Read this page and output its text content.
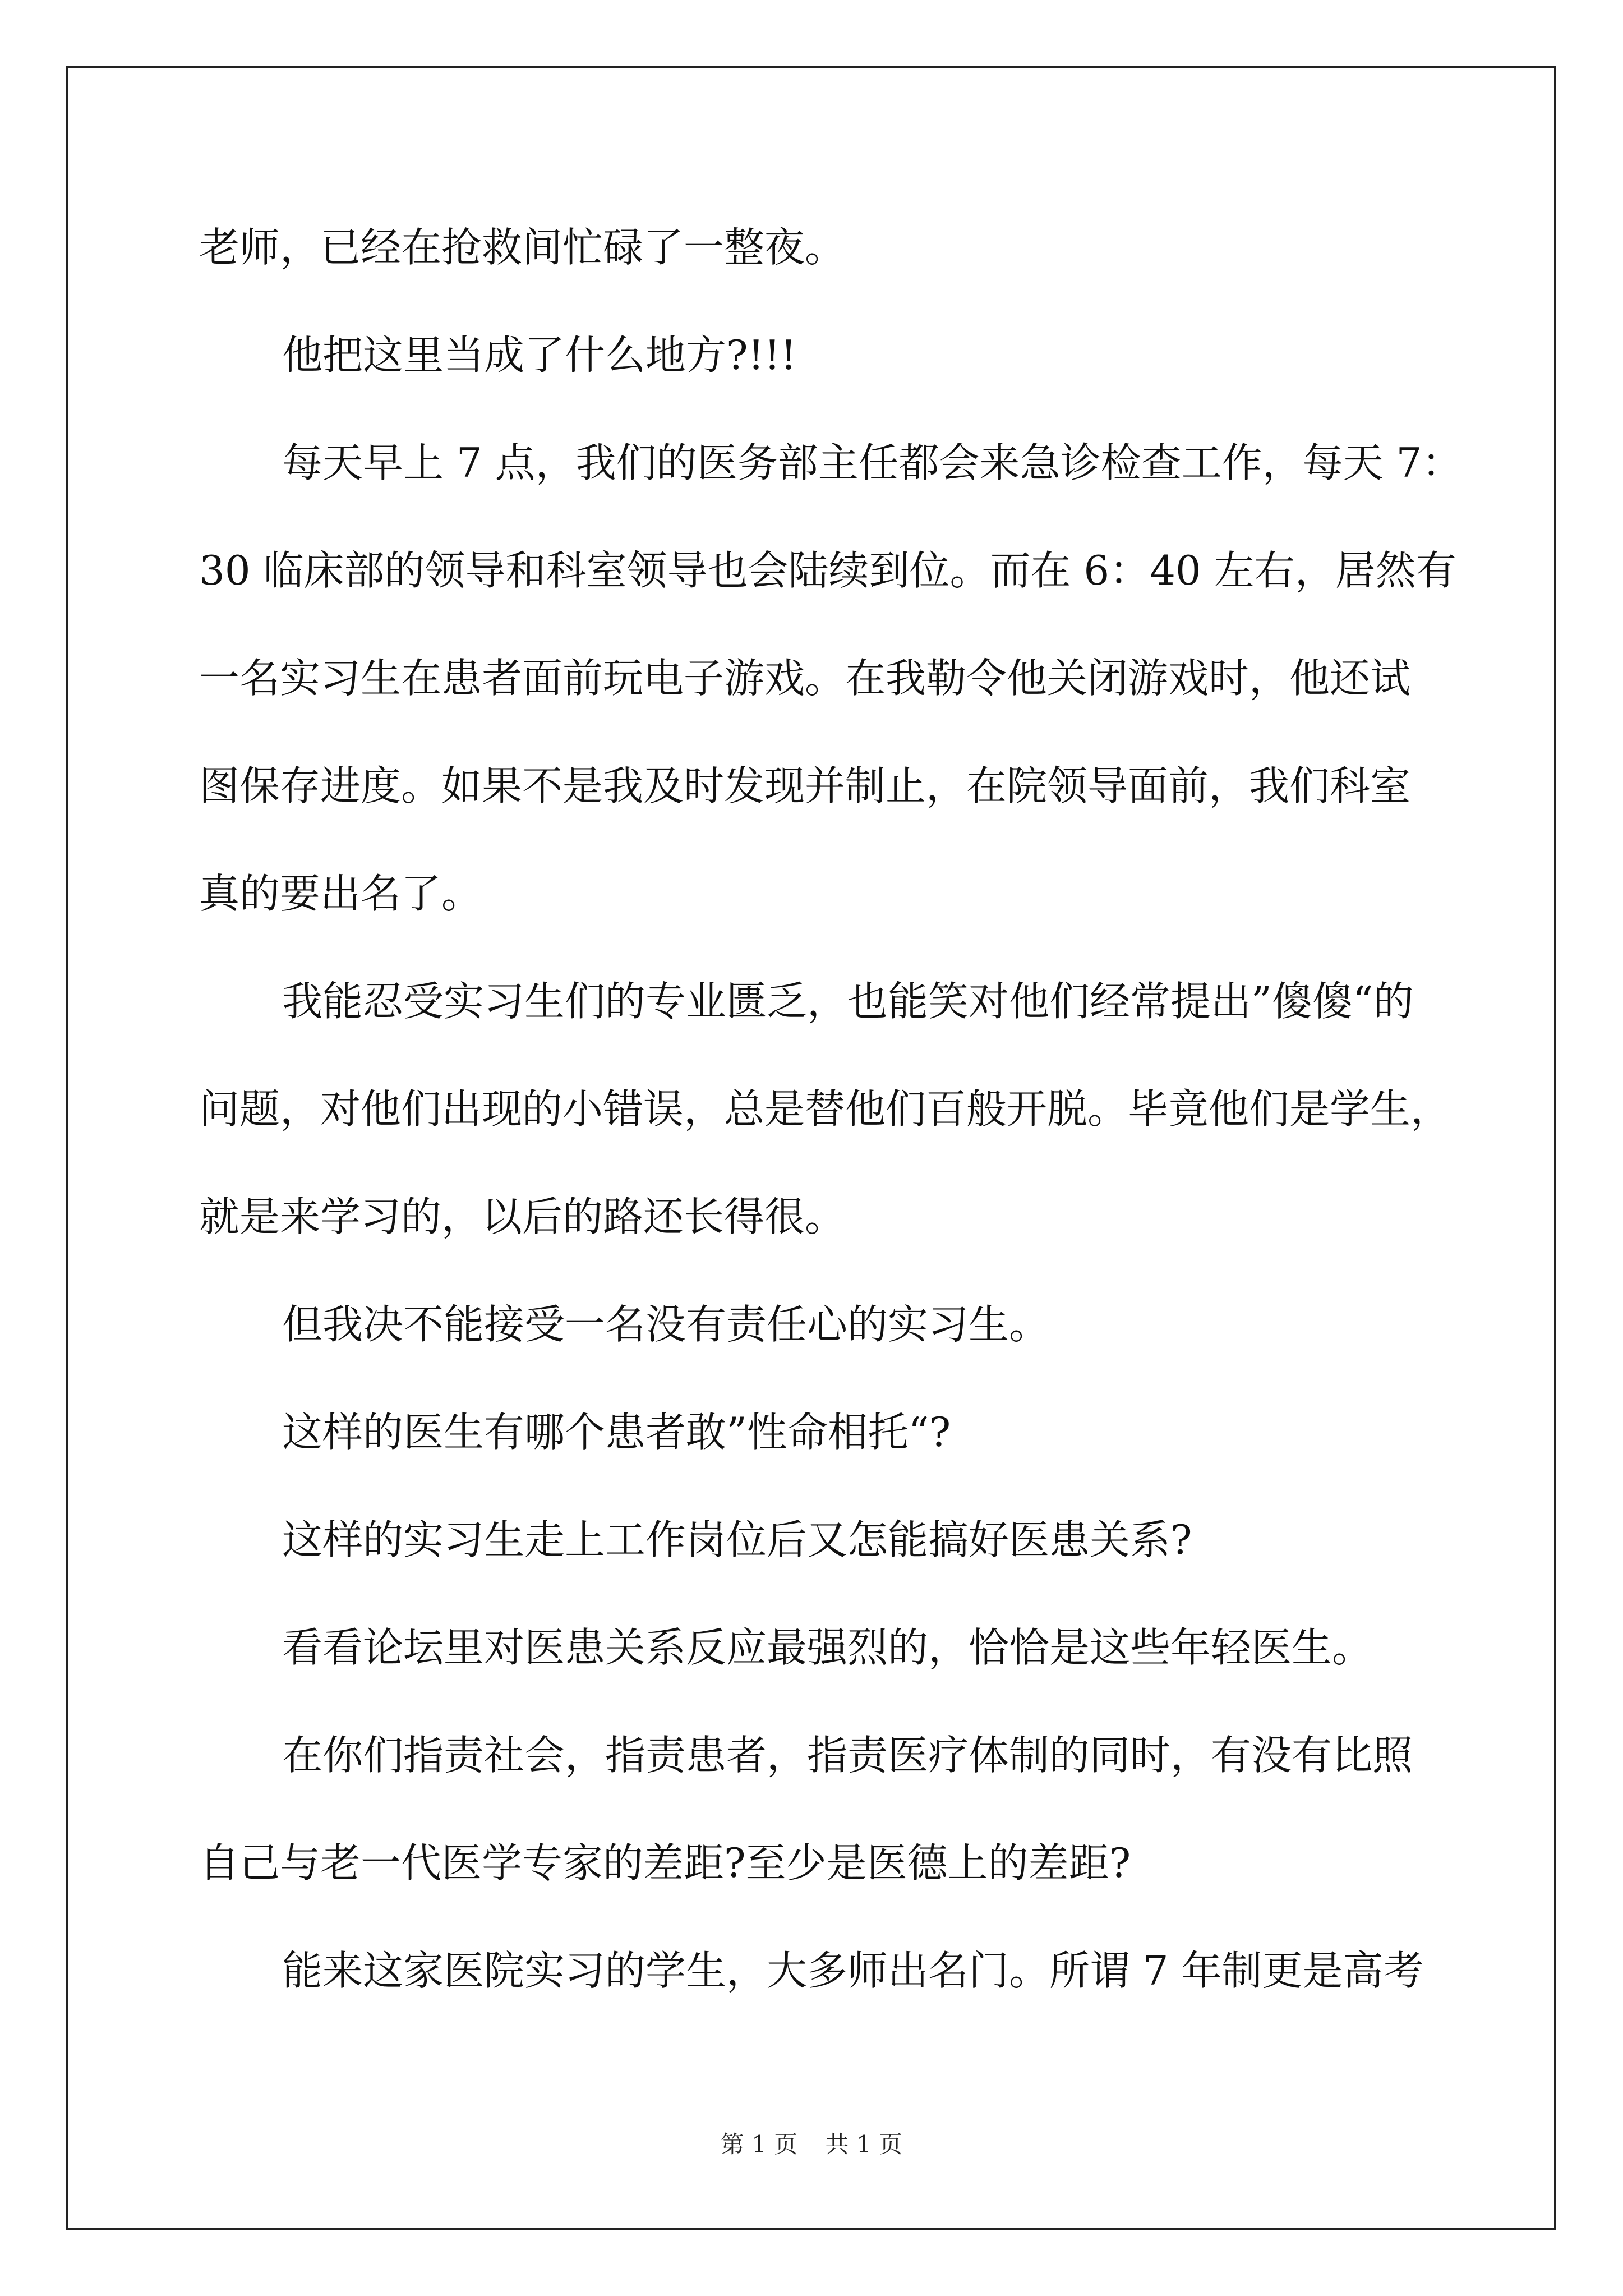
老师，已经在抢救间忙碌了一整夜。
他把这里当成了什么地方?!!!
每天早上 7 点，我们的医务部主任都会来急诊检查工作，每天 7：
30 临床部的领导和科室领导也会陆续到位。而在 6：40 左右，居然有
一名实习生在患者面前玩电子游戏。在我勒令他关闭游戏时，他还试
图保存进度。如果不是我及时发现并制止，在院领导面前，我们科室
真的要出名了。
我能忍受实习生们的专业匮乏，也能笑对他们经常提出”傻傻“的
问题，对他们出现的小错误，总是替他们百般开脱。毕竟他们是学生，
就是来学习的，以后的路还长得很。
但我决不能接受一名没有责任心的实习生。
这样的医生有哪个患者敢”性命相托“?
这样的实习生走上工作岗位后又怎能搞好医患关系?
看看论坛里对医患关系反应最强烈的，恰恰是这些年轻医生。
在你们指责社会，指责患者，指责医疗体制的同时，有没有比照
自己与老一代医学专家的差距?至少是医德上的差距?
能来这家医院实习的学生，大多师出名门。所谓 7 年制更是高考
第 1 页 共 1 页
